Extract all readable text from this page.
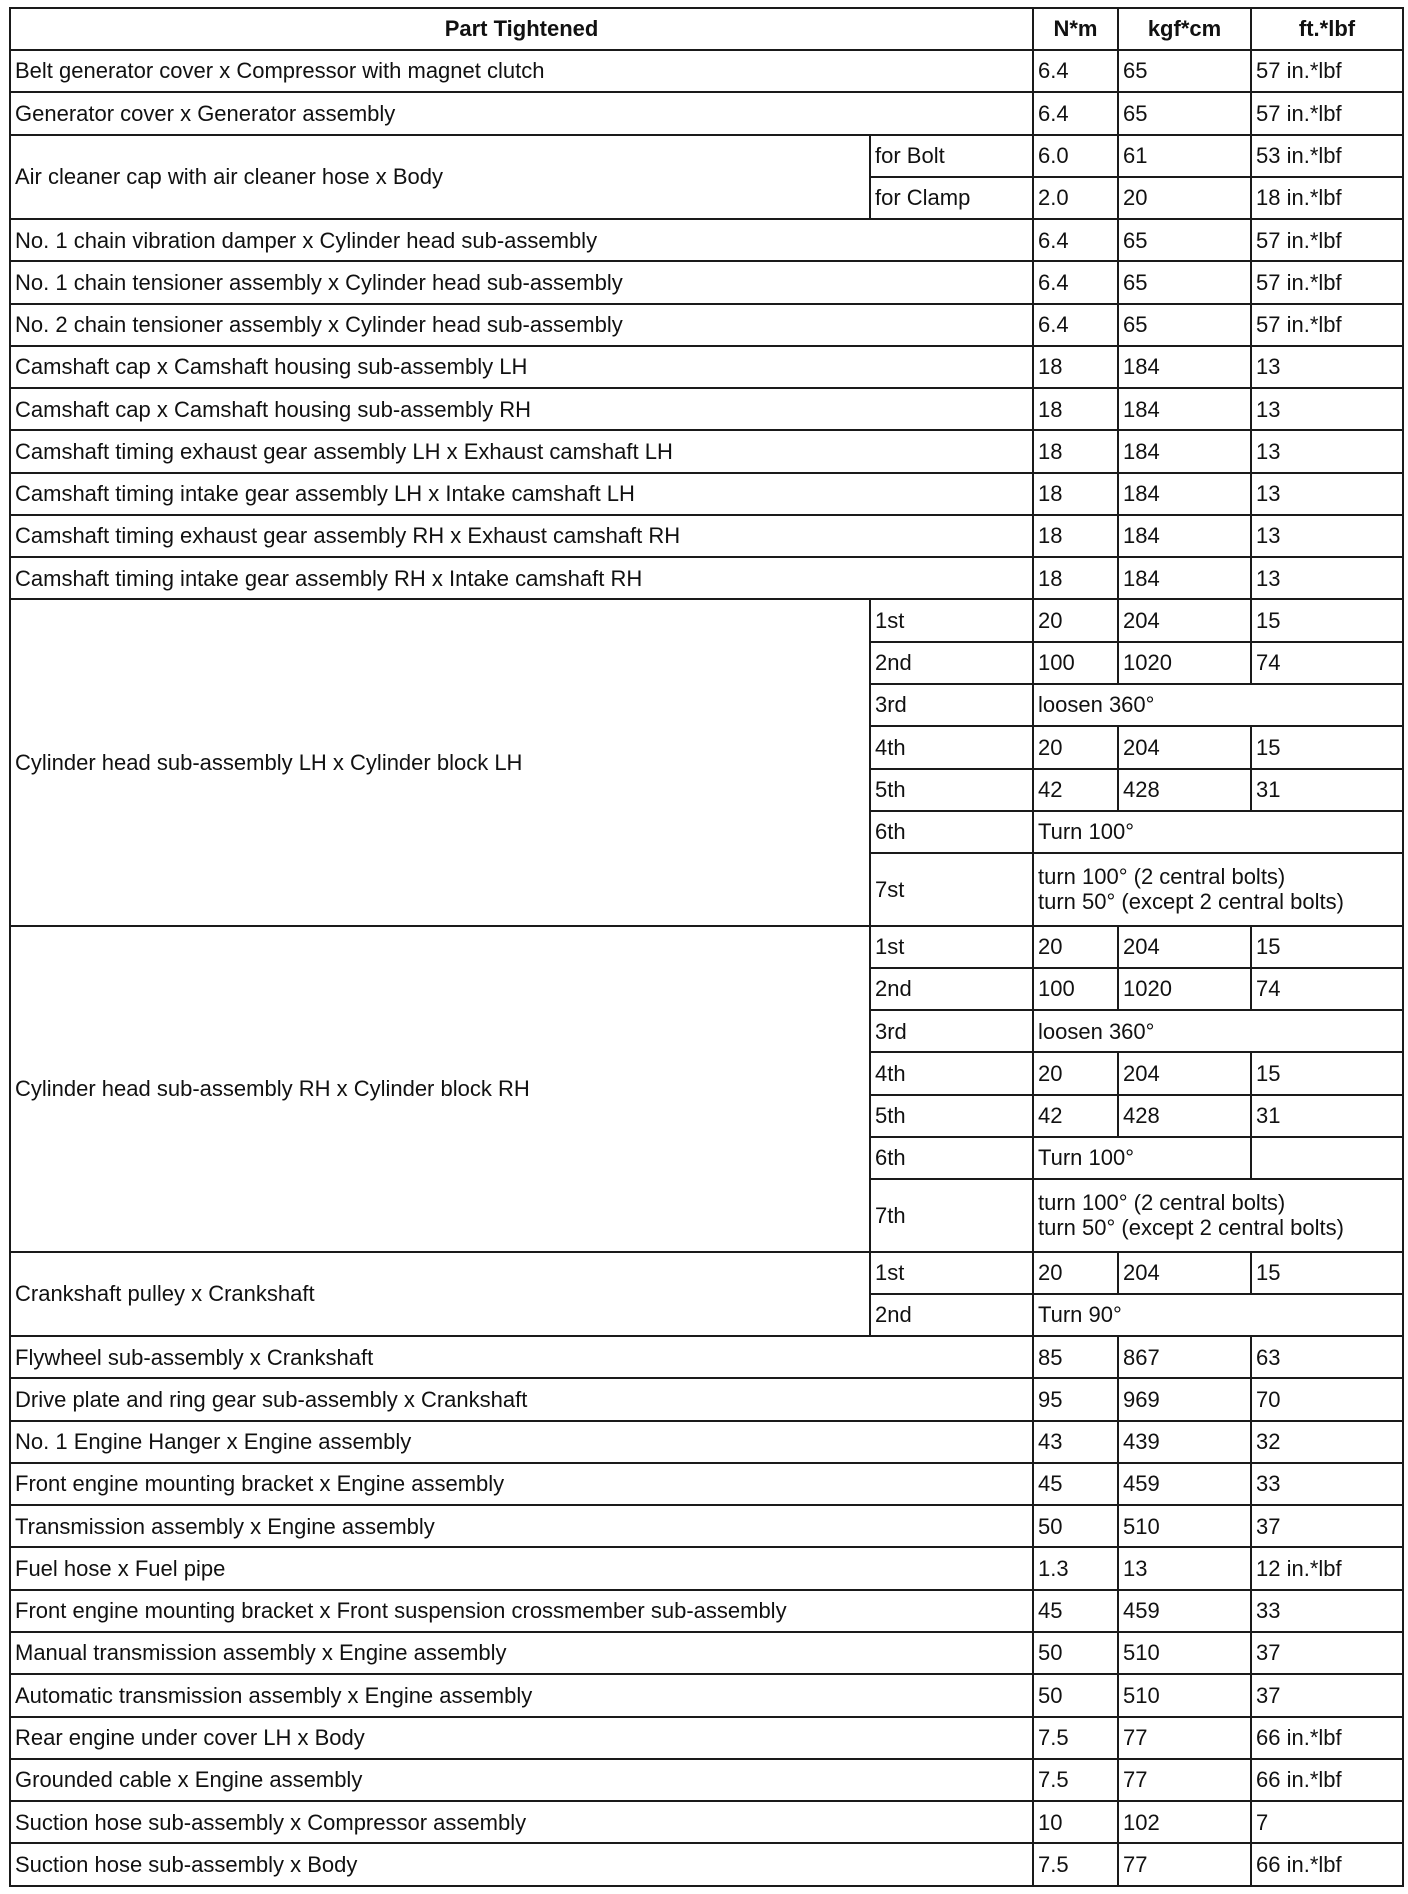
Part Tightened		N*m	kgf*cm	ft.*lbf
Belt generator cover x Compressor with magnet clutch		6.4	65	57 in.*lbf
Generator cover x Generator assembly		6.4	65	57 in.*lbf
Air cleaner cap with air cleaner hose x Body	for Bolt	6.0	61	53 in.*lbf
	for Clamp	2.0	20	18 in.*lbf
No. 1 chain vibration damper x Cylinder head sub-assembly		6.4	65	57 in.*lbf
No. 1 chain tensioner assembly x Cylinder head sub-assembly		6.4	65	57 in.*lbf
No. 2 chain tensioner assembly x Cylinder head sub-assembly		6.4	65	57 in.*lbf
Camshaft cap x Camshaft housing sub-assembly LH		18	184	13
Camshaft cap x Camshaft housing sub-assembly RH		18	184	13
Camshaft timing exhaust gear assembly LH x Exhaust camshaft LH		18	184	13
Camshaft timing intake gear assembly LH x Intake camshaft LH		18	184	13
Camshaft timing exhaust gear assembly RH x Exhaust camshaft RH		18	184	13
Camshaft timing intake gear assembly RH x Intake camshaft RH		18	184	13
Cylinder head sub-assembly LH x Cylinder block LH	1st	20	204	15
	2nd	100	1020	74
	3rd	loosen 360°		
	4th	20	204	15
	5th	42	428	31
	6th	Turn 100°		
	7st	turn 100° (2 central bolts)
turn 50° (except 2 central bolts)		

Cylinder head sub-assembly RH x Cylinder block RH	1st	20	204	15
	2nd	100	1020	74
	3rd	loosen 360°		
	4th	20	204	15
	5th	42	428	31
	6th	Turn 100°		
	7th	turn 100° (2 central bolts)
turn 50° (except 2 central bolts)		

Crankshaft pulley x Crankshaft	1st	20	204	15
	2nd	Turn 90°		
Flywheel sub-assembly x Crankshaft		85	867	63
Drive plate and ring gear sub-assembly x Crankshaft		95	969	70
No. 1 Engine Hanger x Engine assembly		43	439	32
Front engine mounting bracket x Engine assembly		45	459	33
Transmission assembly x Engine assembly		50	510	37
Fuel hose x Fuel pipe		1.3	13	12 in.*lbf
Front engine mounting bracket x Front suspension crossmember sub-assembly		45	459	33
Manual transmission assembly x Engine assembly		50	510	37
Automatic transmission assembly x Engine assembly		50	510	37
Rear engine under cover LH x Body		7.5	77	66 in.*lbf
Grounded cable x Engine assembly		7.5	77	66 in.*lbf
Suction hose sub-assembly x Compressor assembly		10	102	7
Suction hose sub-assembly x Body		7.5	77	66 in.*lbf
